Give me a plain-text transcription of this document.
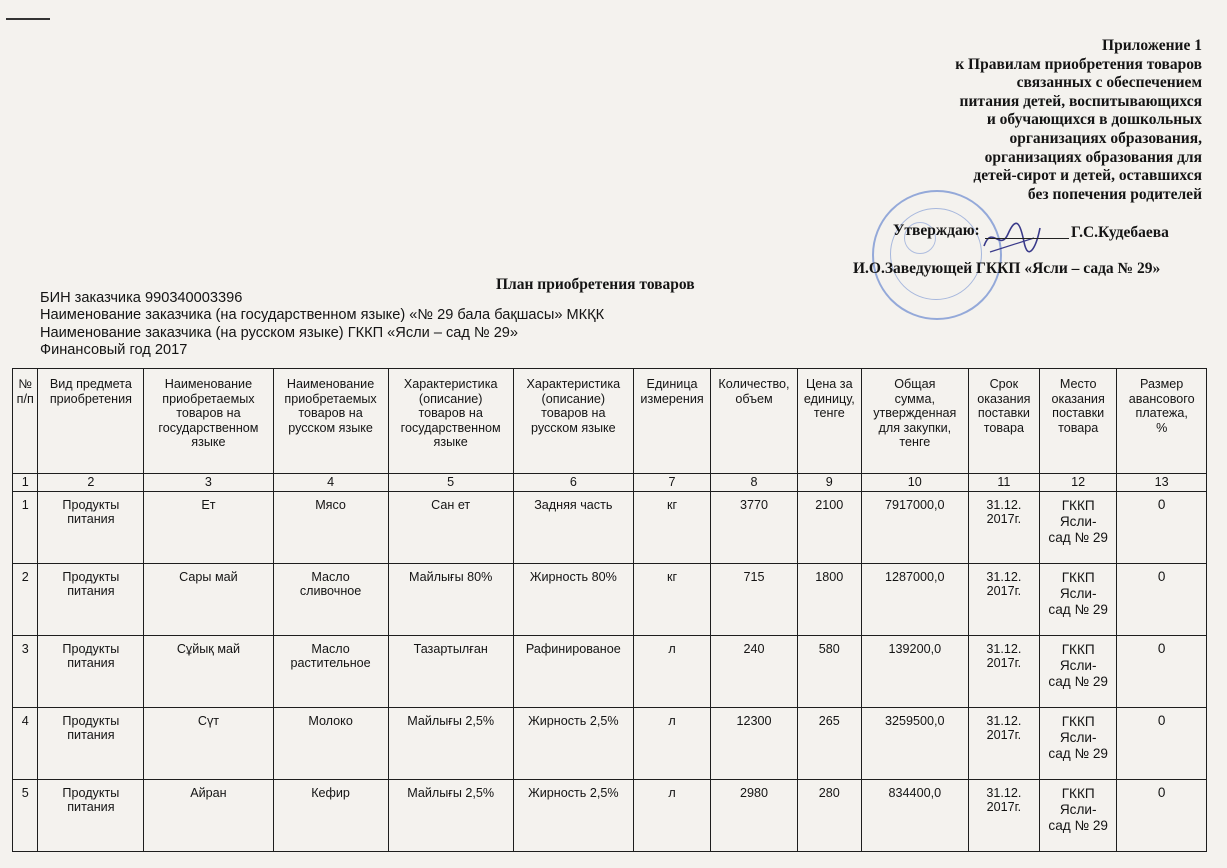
Приложение 1
к Правилам приобретения товаров
связанных с обеспечением
питания детей, воспитывающихся
и обучающихся в дошкольных
организациях образования,
организациях образования для
детей-сирот и детей, оставшихся
без попечения родителей
Утверждаю:	Г.С.Кудебаева
И.О.Заведующей ГККП «Ясли – сада № 29»
План приобретения товаров
БИН заказчика 990340003396
Наименование заказчика (на государственном языке) «№ 29 бала бақшасы» МКҚК
Наименование заказчика (на русском языке) ГККП «Ясли – сад № 29»
Финансовый год 2017
№
п/п	Вид предмета
приобретения	Наименование
приобретаемых
товаров на
государственном
языке	Наименование
приобретаемых
товаров на
русском языке	Характеристика
(описание)
товаров на
государственном
языке	Характеристика
(описание)
товаров на
русском языке	Единица
измерения	Количество,
объем	Цена за
единицу,
тенге	Общая
сумма,
утвержденная
для закупки,
тенге	Срок
оказания
поставки
товара	Место
оказания
поставки
товара	Размер
авансового
платежа,
%
1	2	3	4	5	6	7	8	9	10	11	12	13
1	Продукты
питания	Ет	Мясо	Сан ет	Задняя часть	кг	3770	2100	7917000,0	31.12.
2017г.	ГККП
Ясли-
сад № 29	0
2	Продукты
питания	Сары май	Масло
сливочное	Майлығы 80%	Жирность 80%	кг	715	1800	1287000,0	31.12.
2017г.	ГККП
Ясли-
сад № 29	0
3	Продукты
питания	Сұйық май	Масло
растительное	Тазартылған	Рафинированое	л	240	580	139200,0	31.12.
2017г.	ГККП
Ясли-
сад № 29	0
4	Продукты
питания	Сүт	Молоко	Майлығы 2,5%	Жирность 2,5%	л	12300	265	3259500,0	31.12.
2017г.	ГККП
Ясли-
сад № 29	0
5	Продукты
питания	Айран	Кефир	Майлығы 2,5%	Жирность 2,5%	л	2980	280	834400,0	31.12.
2017г.	ГККП
Ясли-
сад № 29	0
